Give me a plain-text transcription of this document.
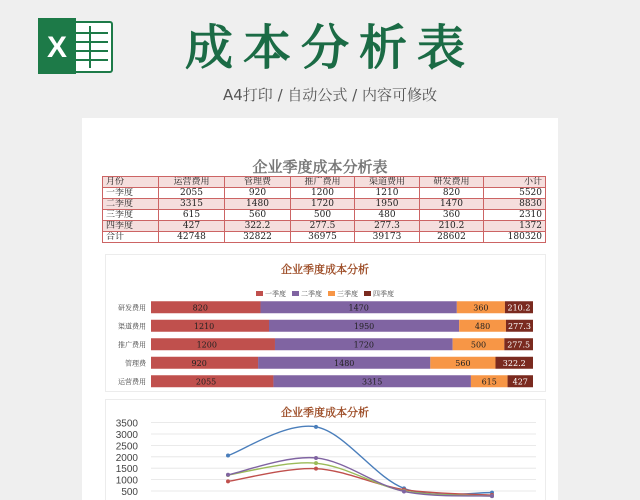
X	成本分析表
A4打印 / 自动公式 / 内容可修改
企业季度成本分析表
月份	运营费用	管理费	推广费用	渠道费用	研发费用	小计
一季度	2055	920	1200	1210	820	5520
二季度	3315	1480	1720	1950	1470	8830
三季度	615	560	500	480	360	2310
四季度	427	322.2	277.5	277.3	210.2	1372
合计	42748	32822	36975	39173	28602	180320
企业季度成本分析
一季度 二季度 三季度 四季度
研发费用	820	1470	360 210.2
渠道费用	1210	1950	480 277.3
推广费用	1200	1720	500	277.5
管理费	920	1480	560	322.2
运营费用	2055	3315	615 427
企业季度成本分析
500
1000
1500
2000
2500
3000
3500
